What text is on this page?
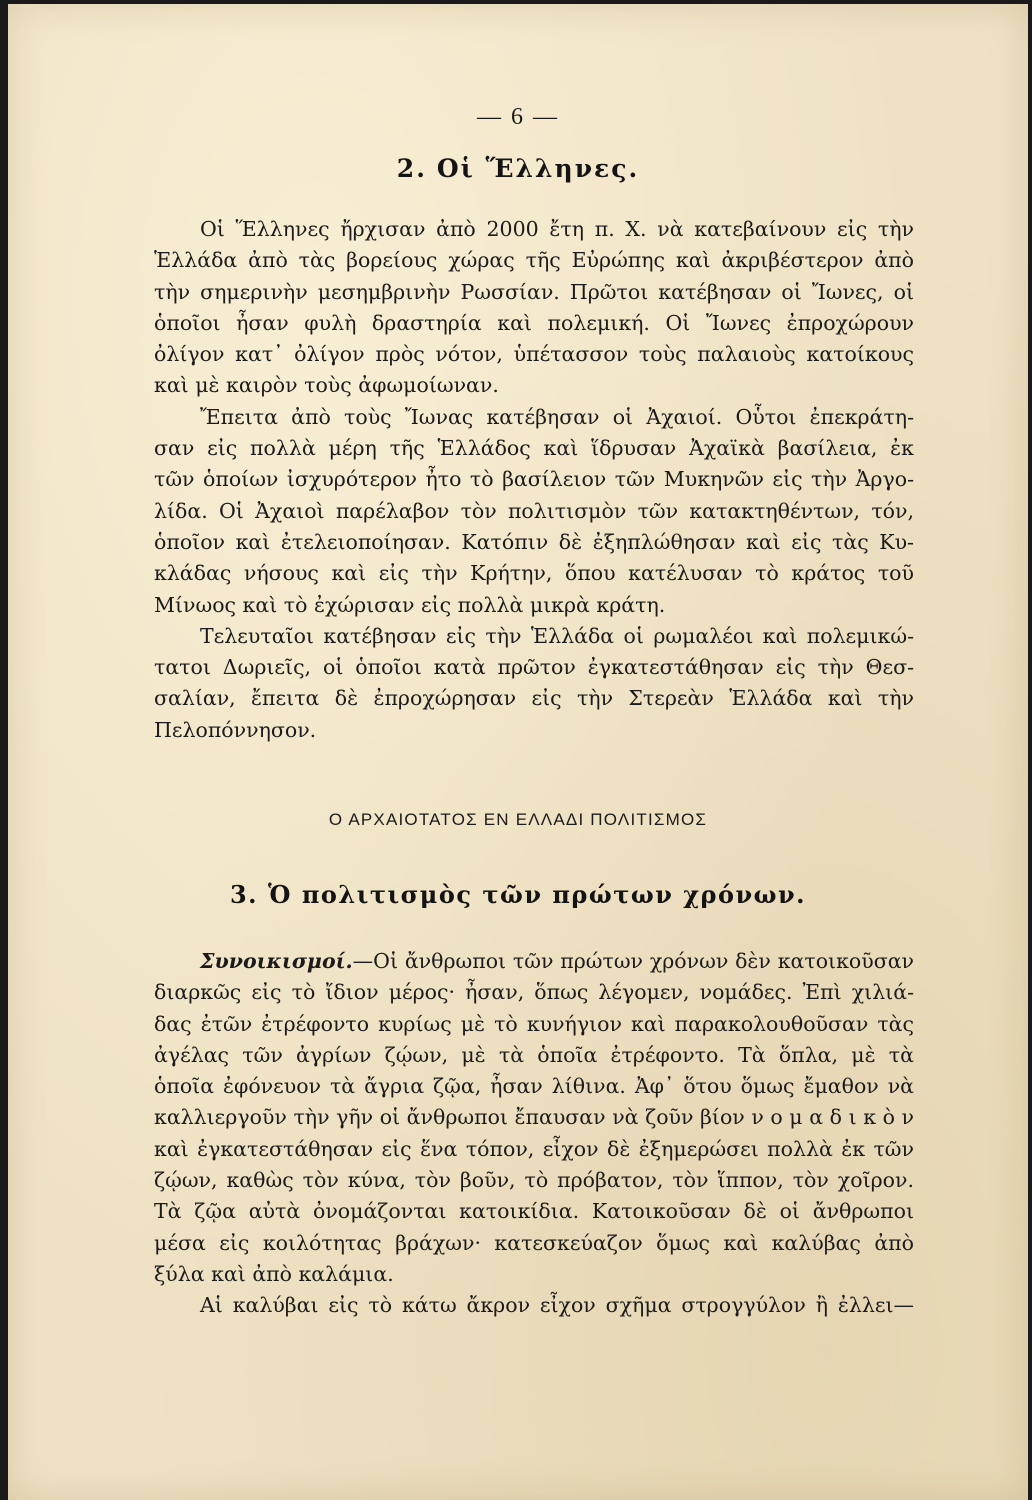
— 6 —
2. Οἱ Ἕλληνες.

Οἱ Ἕλληνες ἤρχισαν ἀπὸ 2000 ἔτη π. Χ. νὰ κατεβαίνουν εἰς τὴν
Ἑλλάδα ἀπὸ τὰς βορείους χώρας τῆς Εὐρώπης καὶ ἀκριβέστερον ἀπὸ
τὴν σημερινὴν μεσημβρινὴν Ρωσσίαν. Πρῶτοι κατέβησαν οἱ Ἴωνες, οἱ
ὁποῖοι ἦσαν φυλὴ δραστηρία καὶ πολεμική. Οἱ Ἴωνες ἐπροχώρουν
ὀλίγον κατ᾽ ὀλίγον πρὸς νότον, ὑπέτασσον τοὺς παλαιοὺς κατοίκους
καὶ μὲ καιρὸν τοὺς ἀφωμοίωναν.

Ἔπειτα ἀπὸ τοὺς Ἴωνας κατέβησαν οἱ Ἀχαιοί. Οὗτοι ἐπεκράτη-
σαν εἰς πολλὰ μέρη τῆς Ἑλλάδος καὶ ἵδρυσαν Ἀχαϊκὰ βασίλεια, ἐκ
τῶν ὁποίων ἰσχυρότερον ἦτο τὸ βασίλειον τῶν Μυκηνῶν εἰς τὴν Ἀργο-
λίδα. Οἱ Ἀχαιοὶ παρέλαβον τὸν πολιτισμὸν τῶν κατακτηθέντων, τόν,
ὁποῖον καὶ ἐτελειοποίησαν. Κατόπιν δὲ ἐξηπλώθησαν καὶ εἰς τὰς Κυ-
κλάδας νήσους καὶ εἰς τὴν Κρήτην, ὅπου κατέλυσαν τὸ κράτος τοῦ
Μίνωος καὶ τὸ ἐχώρισαν εἰς πολλὰ μικρὰ κράτη.

Τελευταῖοι κατέβησαν εἰς τὴν Ἑλλάδα οἱ ρωμαλέοι καὶ πολεμικώ-
τατοι Δωριεῖς, οἱ ὁποῖοι κατὰ πρῶτον ἐγκατεστάθησαν εἰς τὴν Θεσ-
σαλίαν, ἔπειτα δὲ ἐπροχώρησαν εἰς τὴν Στερεὰν Ἑλλάδα καὶ τὴν
Πελοπόννησον.

Ο ΑΡΧΑΙΟΤΑΤΟΣ ΕΝ ΕΛΛΑΔΙ ΠΟΛΙΤΙΣΜΟΣ
3. Ὁ πολιτισμὸς τῶν πρώτων χρόνων.

Συνοικισμοί.—Οἱ ἄνθρωποι τῶν πρώτων χρόνων δὲν κατοικοῦσαν
διαρκῶς εἰς τὸ ἴδιον μέρος· ἦσαν, ὅπως λέγομεν, νομάδες. Ἐπὶ χιλιά-
δας ἐτῶν ἐτρέφοντο κυρίως μὲ τὸ κυνήγιον καὶ παρακολουθοῦσαν τὰς
ἀγέλας τῶν ἀγρίων ζῴων, μὲ τὰ ὁποῖα ἐτρέφοντο. Τὰ ὅπλα, μὲ τὰ
ὁποῖα ἐφόνευον τὰ ἄγρια ζῷα, ἦσαν λίθινα. Ἀφ᾽ ὅτου ὅμως ἔμαθον νὰ
καλλιεργοῦν τὴν γῆν οἱ ἄνθρωποι ἔπαυσαν νὰ ζοῦν βίον ν ο μ α δ ι κ ὸ ν
καὶ ἐγκατεστάθησαν εἰς ἕνα τόπον, εἶχον δὲ ἐξημερώσει πολλὰ ἐκ τῶν
ζῴων, καθὼς τὸν κύνα, τὸν βοῦν, τὸ πρόβατον, τὸν ἵππον, τὸν χοῖρον.
Τὰ ζῷα αὐτὰ ὀνομάζονται κατοικίδια. Κατοικοῦσαν δὲ οἱ ἄνθρωποι
μέσα εἰς κοιλότητας βράχων· κατεσκεύαζον ὅμως καὶ καλύβας ἀπὸ
ξύλα καὶ ἀπὸ καλάμια.

Αἱ καλύβαι εἰς τὸ κάτω ἄκρον εἶχον σχῆμα στρογγύλον ἢ ἐλλει—
